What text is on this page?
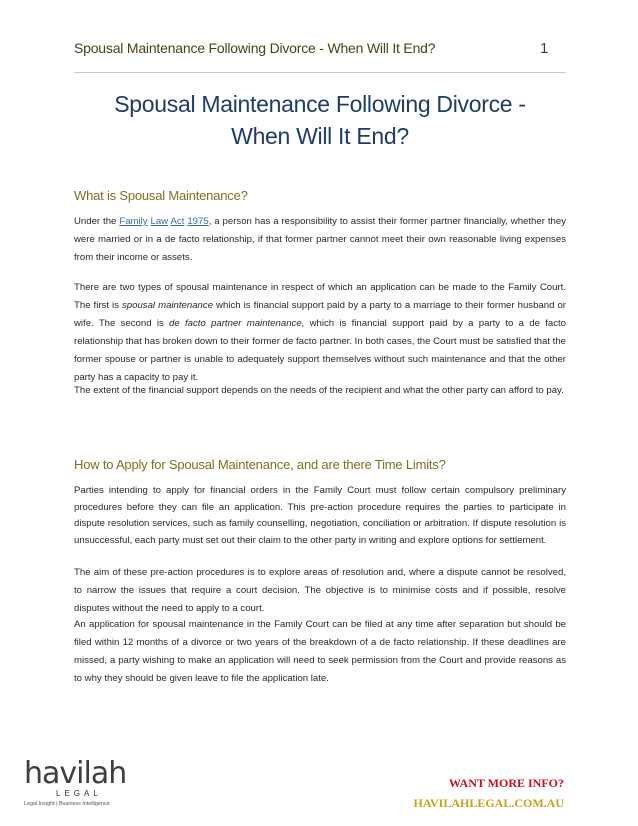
Spousal Maintenance Following Divorce - When Will It End?	1
Spousal Maintenance Following Divorce -
When Will It End?
What is Spousal Maintenance?

Under the Family Law Act 1975, a person has a responsibility to assist their former partner financially, whether they were married or in a de facto relationship, if that former partner cannot meet their own reasonable living expenses from their income or assets.

There are two types of spousal maintenance in respect of which an application can be made to the Family Court. The first is spousal maintenance which is financial support paid by a party to a marriage to their former husband or wife. The second is de facto partner maintenance, which is financial support paid by a party to a de facto relationship that has broken down to their former de facto partner. In both cases, the Court must be satisfied that the former spouse or partner is unable to adequately support themselves without such maintenance and that the other party has a capacity to pay it.

The extent of the financial support depends on the needs of the recipient and what the other party can afford to pay.

How to Apply for Spousal Maintenance, and are there Time Limits?

Parties intending to apply for financial orders in the Family Court must follow certain compulsory preliminary procedures before they can file an application. This pre-action procedure requires the parties to participate in dispute resolution services, such as family counselling, negotiation, conciliation or arbitration. If dispute resolution is unsuccessful, each party must set out their claim to the other party in writing and explore options for settlement.

The aim of these pre-action procedures is to explore areas of resolution and, where a dispute cannot be resolved, to narrow the issues that require a court decision. The objective is to minimise costs and if possible, resolve disputes without the need to apply to a court.

An application for spousal maintenance in the Family Court can be filed at any time after separation but should be filed within 12 months of a divorce or two years of the breakdown of a de facto relationship. If these deadlines are missed, a party wishing to make an application will need to seek permission from the Court and provide reasons as to why they should be given leave to file the application late.

havilah
LEGAL
Legal Insight | Business Intelligence
WANT MORE INFO?
HAVILAHLEGAL.COM.AU
